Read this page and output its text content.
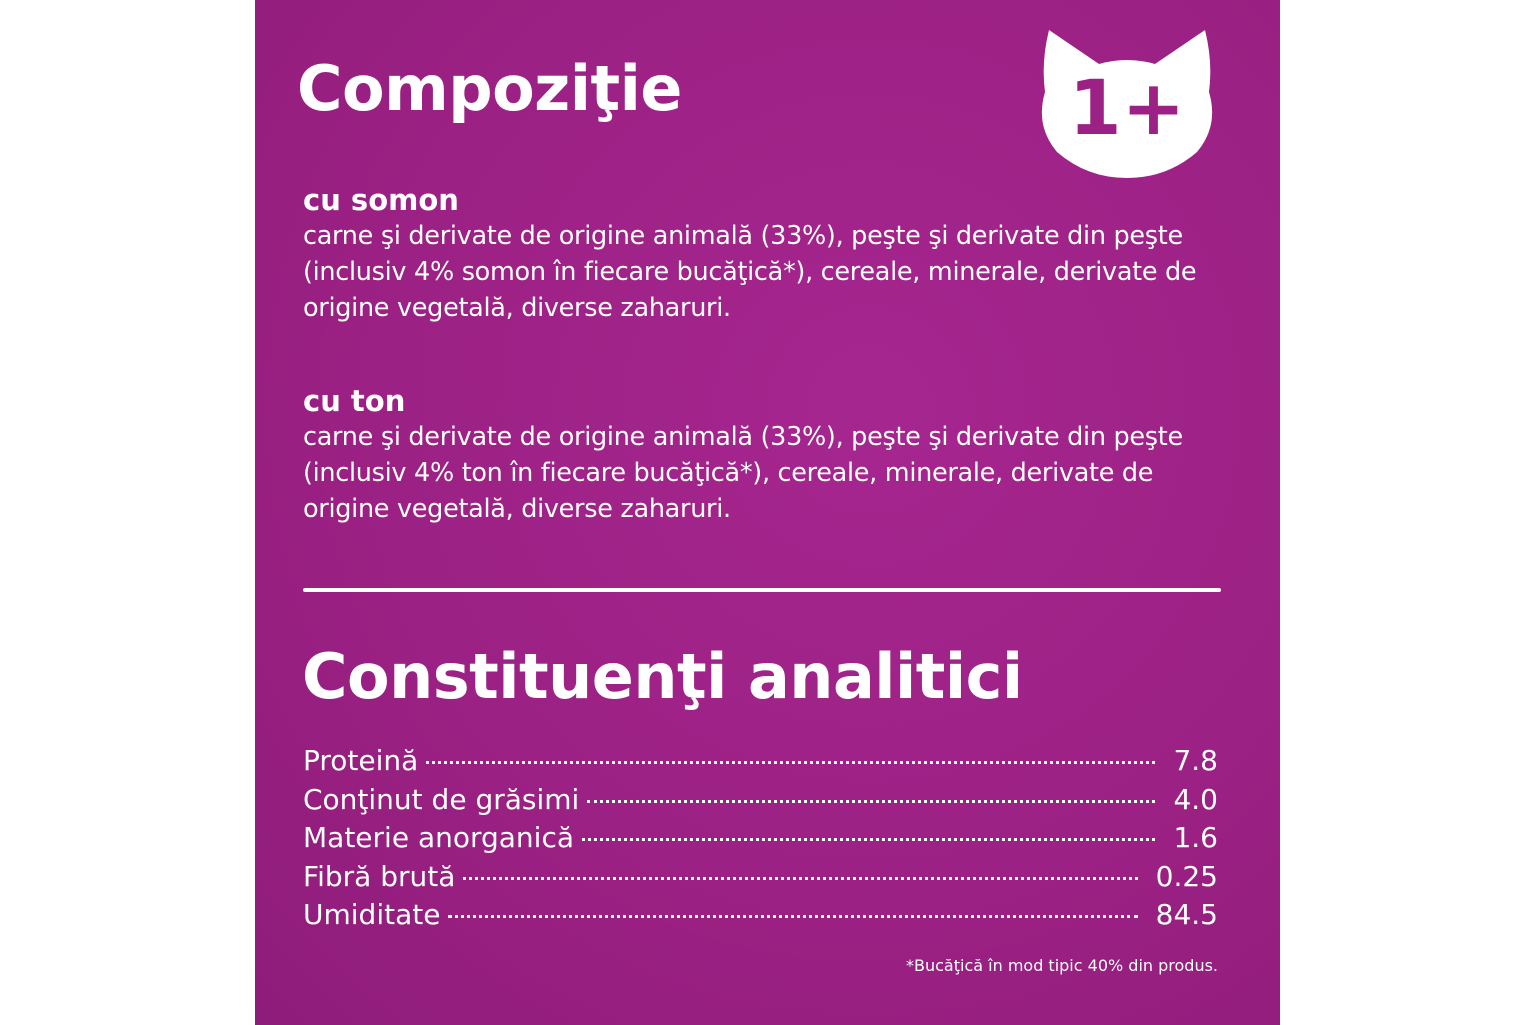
Compoziţie	1+

cu somon

carne şi derivate de origine animală (33%), peşte şi derivate din peşte (inclusiv 4% somon în fiecare bucăţică*), cereale, minerale, derivate de origine vegetală, diverse zaharuri.

cu ton

carne şi derivate de origine animală (33%), peşte şi derivate din peşte (inclusiv 4% ton în fiecare bucăţică*), cereale, minerale, derivate de origine vegetală, diverse zaharuri.

Constituenţi analitici
Proteină	7.8
Conţinut de grăsimi	4.0
Materie anorganică	1.6
Fibră brută	0.25
Umiditate	84.5

*Bucăţică în mod tipic 40% din produs.
